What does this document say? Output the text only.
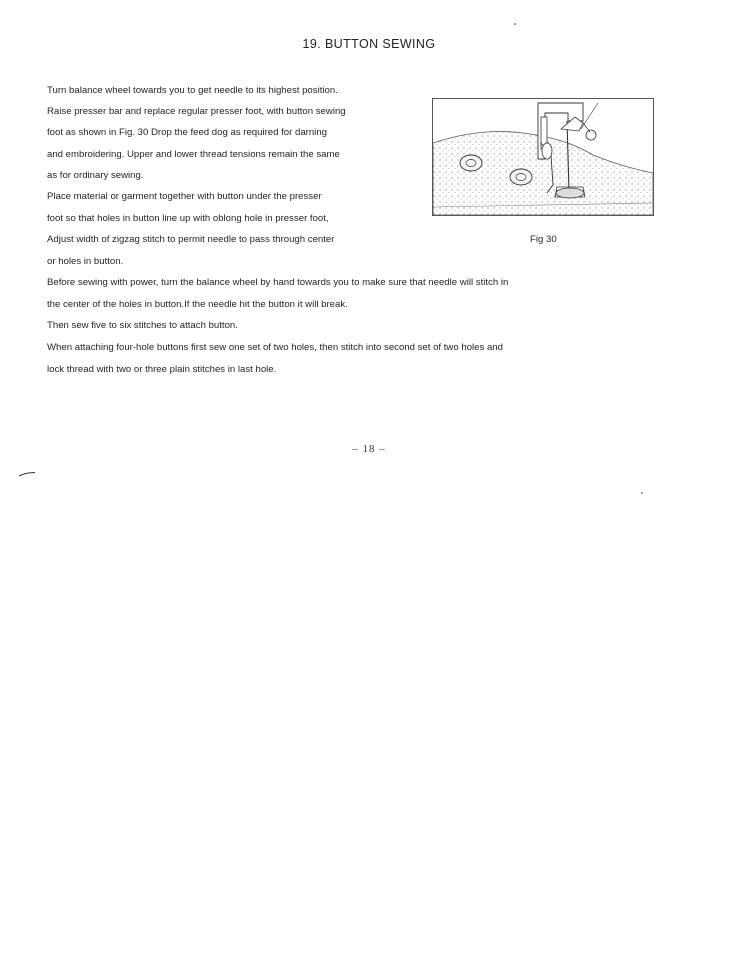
19. BUTTON SEWING
Turn balance wheel towards you to get needle to its highest position.
Raise presser bar and replace regular presser foot, with button sewing
foot as shown in Fig. 30 Drop the feed dog as required for darning
and embroidering. Upper and lower thread tensions remain the same
as for ordinary sewing.
Place material or garment together with button under the presser
foot so that holes in button line up with oblong hole in presser foot,
Adjust width of zigzag stitch to permit needle to pass through center
or holes in button.
Before sewing with power, turn the balance wheel by hand towards you to make sure that needle will stitch in
the center of the holes in button.If the needle hit the button it will break.
Then sew five to six stitches to attach button.
When attaching four-hole buttons first sew one set of two holes, then stitch into second set of two holes and
lock thread with two or three plain stitches in last hole.
Fig 30
– 18 –
